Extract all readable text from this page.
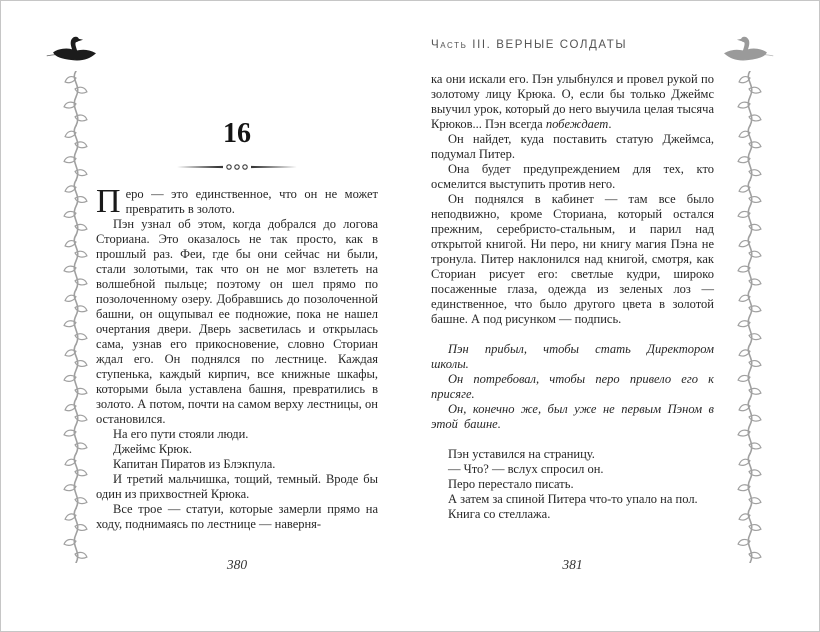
16

Перо — это единственное, что он не может превратить в золото.

Пэн узнал об этом, когда добрался до логова Сториана. Это оказалось не так просто, как в прошлый раз. Феи, где бы они сейчас ни были, стали золотыми, так что он не мог взлететь на волшебной пыльце; поэтому он шел прямо по позолоченному озеру. Добравшись до позолоченной башни, он ощупывал ее подножие, пока не нашел очертания двери. Дверь засветилась и открылась сама, узнав его прикосновение, словно Сториан ждал его. Он поднялся по лестнице. Каждая ступенька, каждый кирпич, все книжные шкафы, которыми была уставлена башня, превратились в золото. А потом, почти на самом верху лестницы, он остановился.

На его пути стояли люди.

Джеймс Крюк.

Капитан Пиратов из Блэкпула.

И третий мальчишка, тощий, темный. Вроде бы один из прихвостней Крюка.

Все трое — статуи, которые замерли прямо на ходу, поднимаясь по лестнице — наверня-

380
Часть III. ВЕРНЫЕ СОЛДАТЫ

ка они искали его. Пэн улыбнулся и провел рукой по золотому лицу Крюка. О, если бы только Джеймс выучил урок, который до него выучила целая тысяча Крюков... Пэн всегда побеждает.

Он найдет, куда поставить статую Джеймса, подумал Питер.

Она будет предупреждением для тех, кто осмелится выступить против него.

Он поднялся в кабинет — там все было неподвижно, кроме Сториана, который остался прежним, серебристо-стальным, и парил над открытой книгой. Ни перо, ни книгу магия Пэна не тронула. Питер наклонился над книгой, смотря, как Сториан рисует его: светлые кудри, широко посаженные глаза, одежда из зеленых лоз — единственное, что было другого цвета в золотой башне. А под рисунком — подпись.

Пэн прибыл, чтобы стать Директором школы.

Он потребовал, чтобы перо привело его к присяге.

Он, конечно же, был уже не первым Пэном в этой башне.

Пэн уставился на страницу.

— Что? — вслух спросил он.

Перо перестало писать.

А затем за спиной Питера что-то упало на пол.

Книга со стеллажа.

381
